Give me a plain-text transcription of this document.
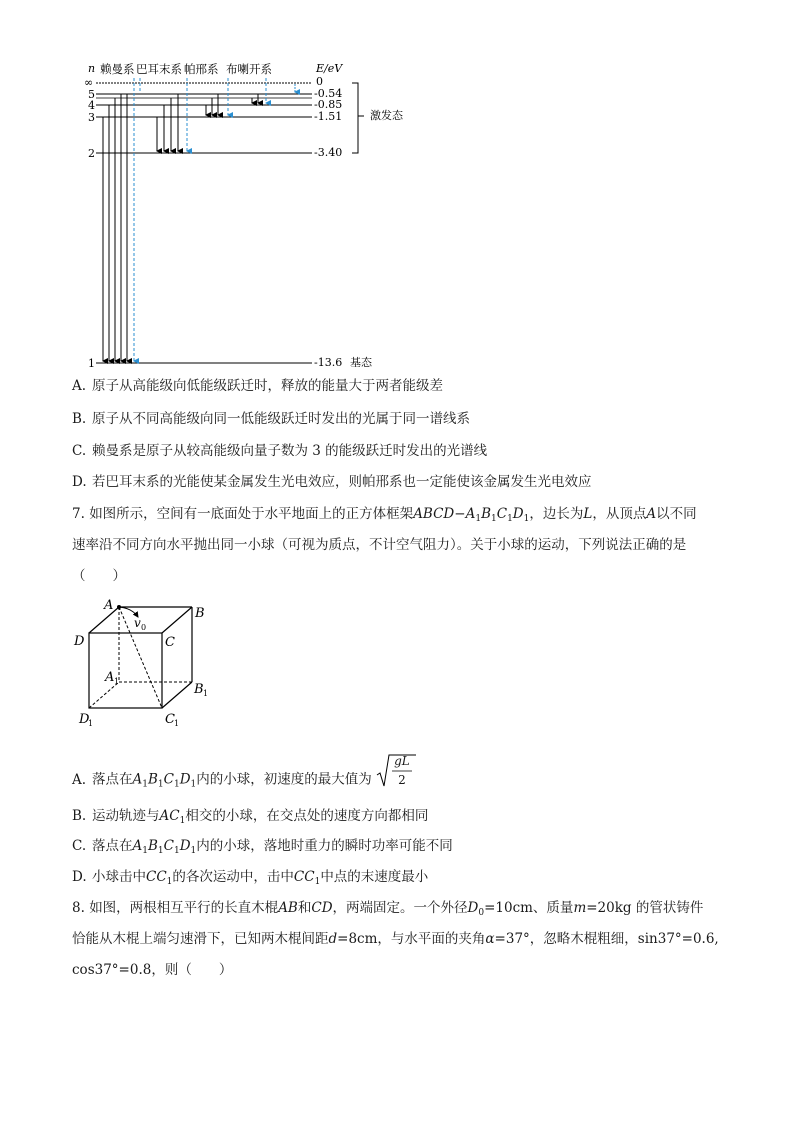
n 赖曼系 巴耳末系 帕邢系 布喇开系	E/eV
∞
5
4
3
2
1
0
-0.54
-0.85
-1.51
-3.40
-13.6 基态
激发态
A. 原子从高能级向低能级跃迁时，释放的能量大于两者能级差
B. 原子从不同高能级向同一低能级跃迁时发出的光属于同一谱线系
C. 赖曼系是原子从较高能级向量子数为 3 的能级跃迁时发出的光谱线
D. 若巴耳末系的光能使某金属发生光电效应，则帕邢系也一定能使该金属发生光电效应
7. 如图所示，空间有一底面处于水平地面上的正方体框架$ABCD-A_1B_1C_1D_1$，边长为L，从顶点A以不同
速率沿不同方向水平抛出同一小球（可视为质点，不计空气阻力）。关于小球的运动，下列说法正确的是
（　　）
A
B
C
D
v 0
A 1
B 1
C 1
D
1
A. 落点在$A_1B_1C_1D_1$内的小球，初速度的最大值为
gL
2
B. 运动轨迹与$AC_1$相交的小球，在交点处的速度方向都相同
C. 落点在$A_1B_1C_1D_1$内的小球，落地时重力的瞬时功率可能不同
D. 小球击中$CC_1$的各次运动中，击中$CC_1$中点的末速度最小
8. 如图，两根相互平行的长直木棍AB和CD，两端固定。一个外径$D_0=10cm$、质量m=20kg 的管状铸件
恰能从木棍上端匀速滑下，已知两木棍间距d=8cm，与水平面的夹角α=37°，忽略木棍粗细，sin37°=0.6,
cos37°=0.8，则（　　）
